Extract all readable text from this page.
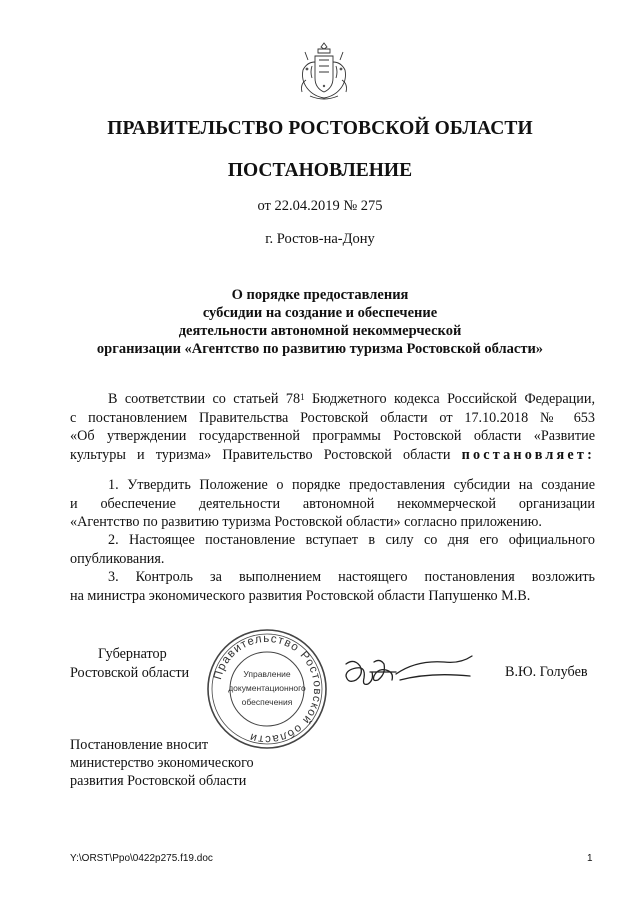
ПРАВИТЕЛЬСТВО РОСТОВСКОЙ ОБЛАСТИ
ПОСТАНОВЛЕНИЕ
от 22.04.2019 № 275
г. Ростов-на-Дону
О порядке предоставления
субсидии на создание и обеспечение
деятельности автономной некоммерческой
организации «Агентство по развитию туризма Ростовской области»
В соответствии со статьей $78^1$ Бюджетного кодекса Российской Федерации,
с постановлением Правительства Ростовской области от 17.10.2018 № 653
«Об утверждении государственной программы Ростовской области «Развитие
культуры и туризма» Правительство Ростовской области постановляет:
1. Утвердить Положение о порядке предоставления субсидии на создание
и обеспечение деятельности автономной некоммерческой организации
«Агентство по развитию туризма Ростовской области» согласно приложению.
2. Настоящее постановление вступает в силу со дня его официального
опубликования.
3. Контроль за выполнением настоящего постановления возложить
на министра экономического развития Ростовской области Папушенко М.В.
Губернатор
Ростовской области Правительство Ростовской области
Управление
документационного
обеспечения
В.Ю. Голубев
Постановление вносит
министерство экономического
развития Ростовской области
Y:\ORST\Ppo\0422p275.f19.doc	1
